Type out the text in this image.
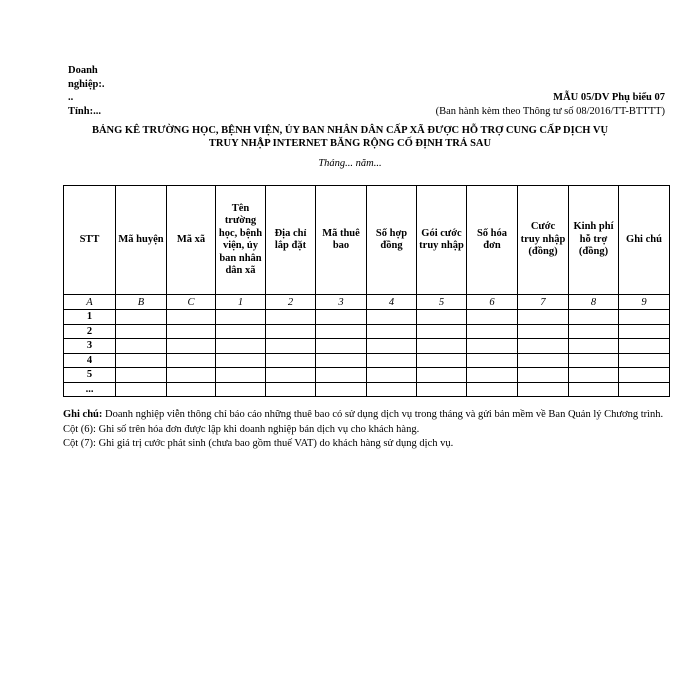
Doanh
nghiệp:.
..
Tỉnh:...
MẪU 05/DV Phụ biểu 07
(Ban hành kèm theo Thông tư số 08/2016/TT-BTTTT)
BẢNG KÊ TRƯỜNG HỌC, BỆNH VIỆN, ỦY BAN NHÂN DÂN CẤP XÃ ĐƯỢC HỖ TRỢ CUNG CẤP DỊCH VỤ
TRUY NHẬP INTERNET BĂNG RỘNG CỐ ĐỊNH TRẢ SAU
Tháng... năm...
STT	Mã huyện	Mã xã	Tên trường học, bệnh viện, ủy ban nhân dân xã	Địa chỉ lắp đặt	Mã thuê bao	Số hợp đồng	Gói cước truy nhập	Số hóa đơn	Cước truy nhập (đồng)	Kinh phí hỗ trợ (đồng)	Ghi chú
A	B	C	1	2	3	4	5	6	7	8	9
1											
2											
3											
4											
5											
...											

Ghi chú: Doanh nghiệp viễn thông chỉ báo cáo những thuê bao có sử dụng dịch vụ trong tháng và gửi bản mềm về Ban Quản lý Chương trình.

Cột (6): Ghi số trên hóa đơn được lập khi doanh nghiệp bán dịch vụ cho khách hàng.

Cột (7): Ghi giá trị cước phát sinh (chưa bao gồm thuế VAT) do khách hàng sử dụng dịch vụ.
